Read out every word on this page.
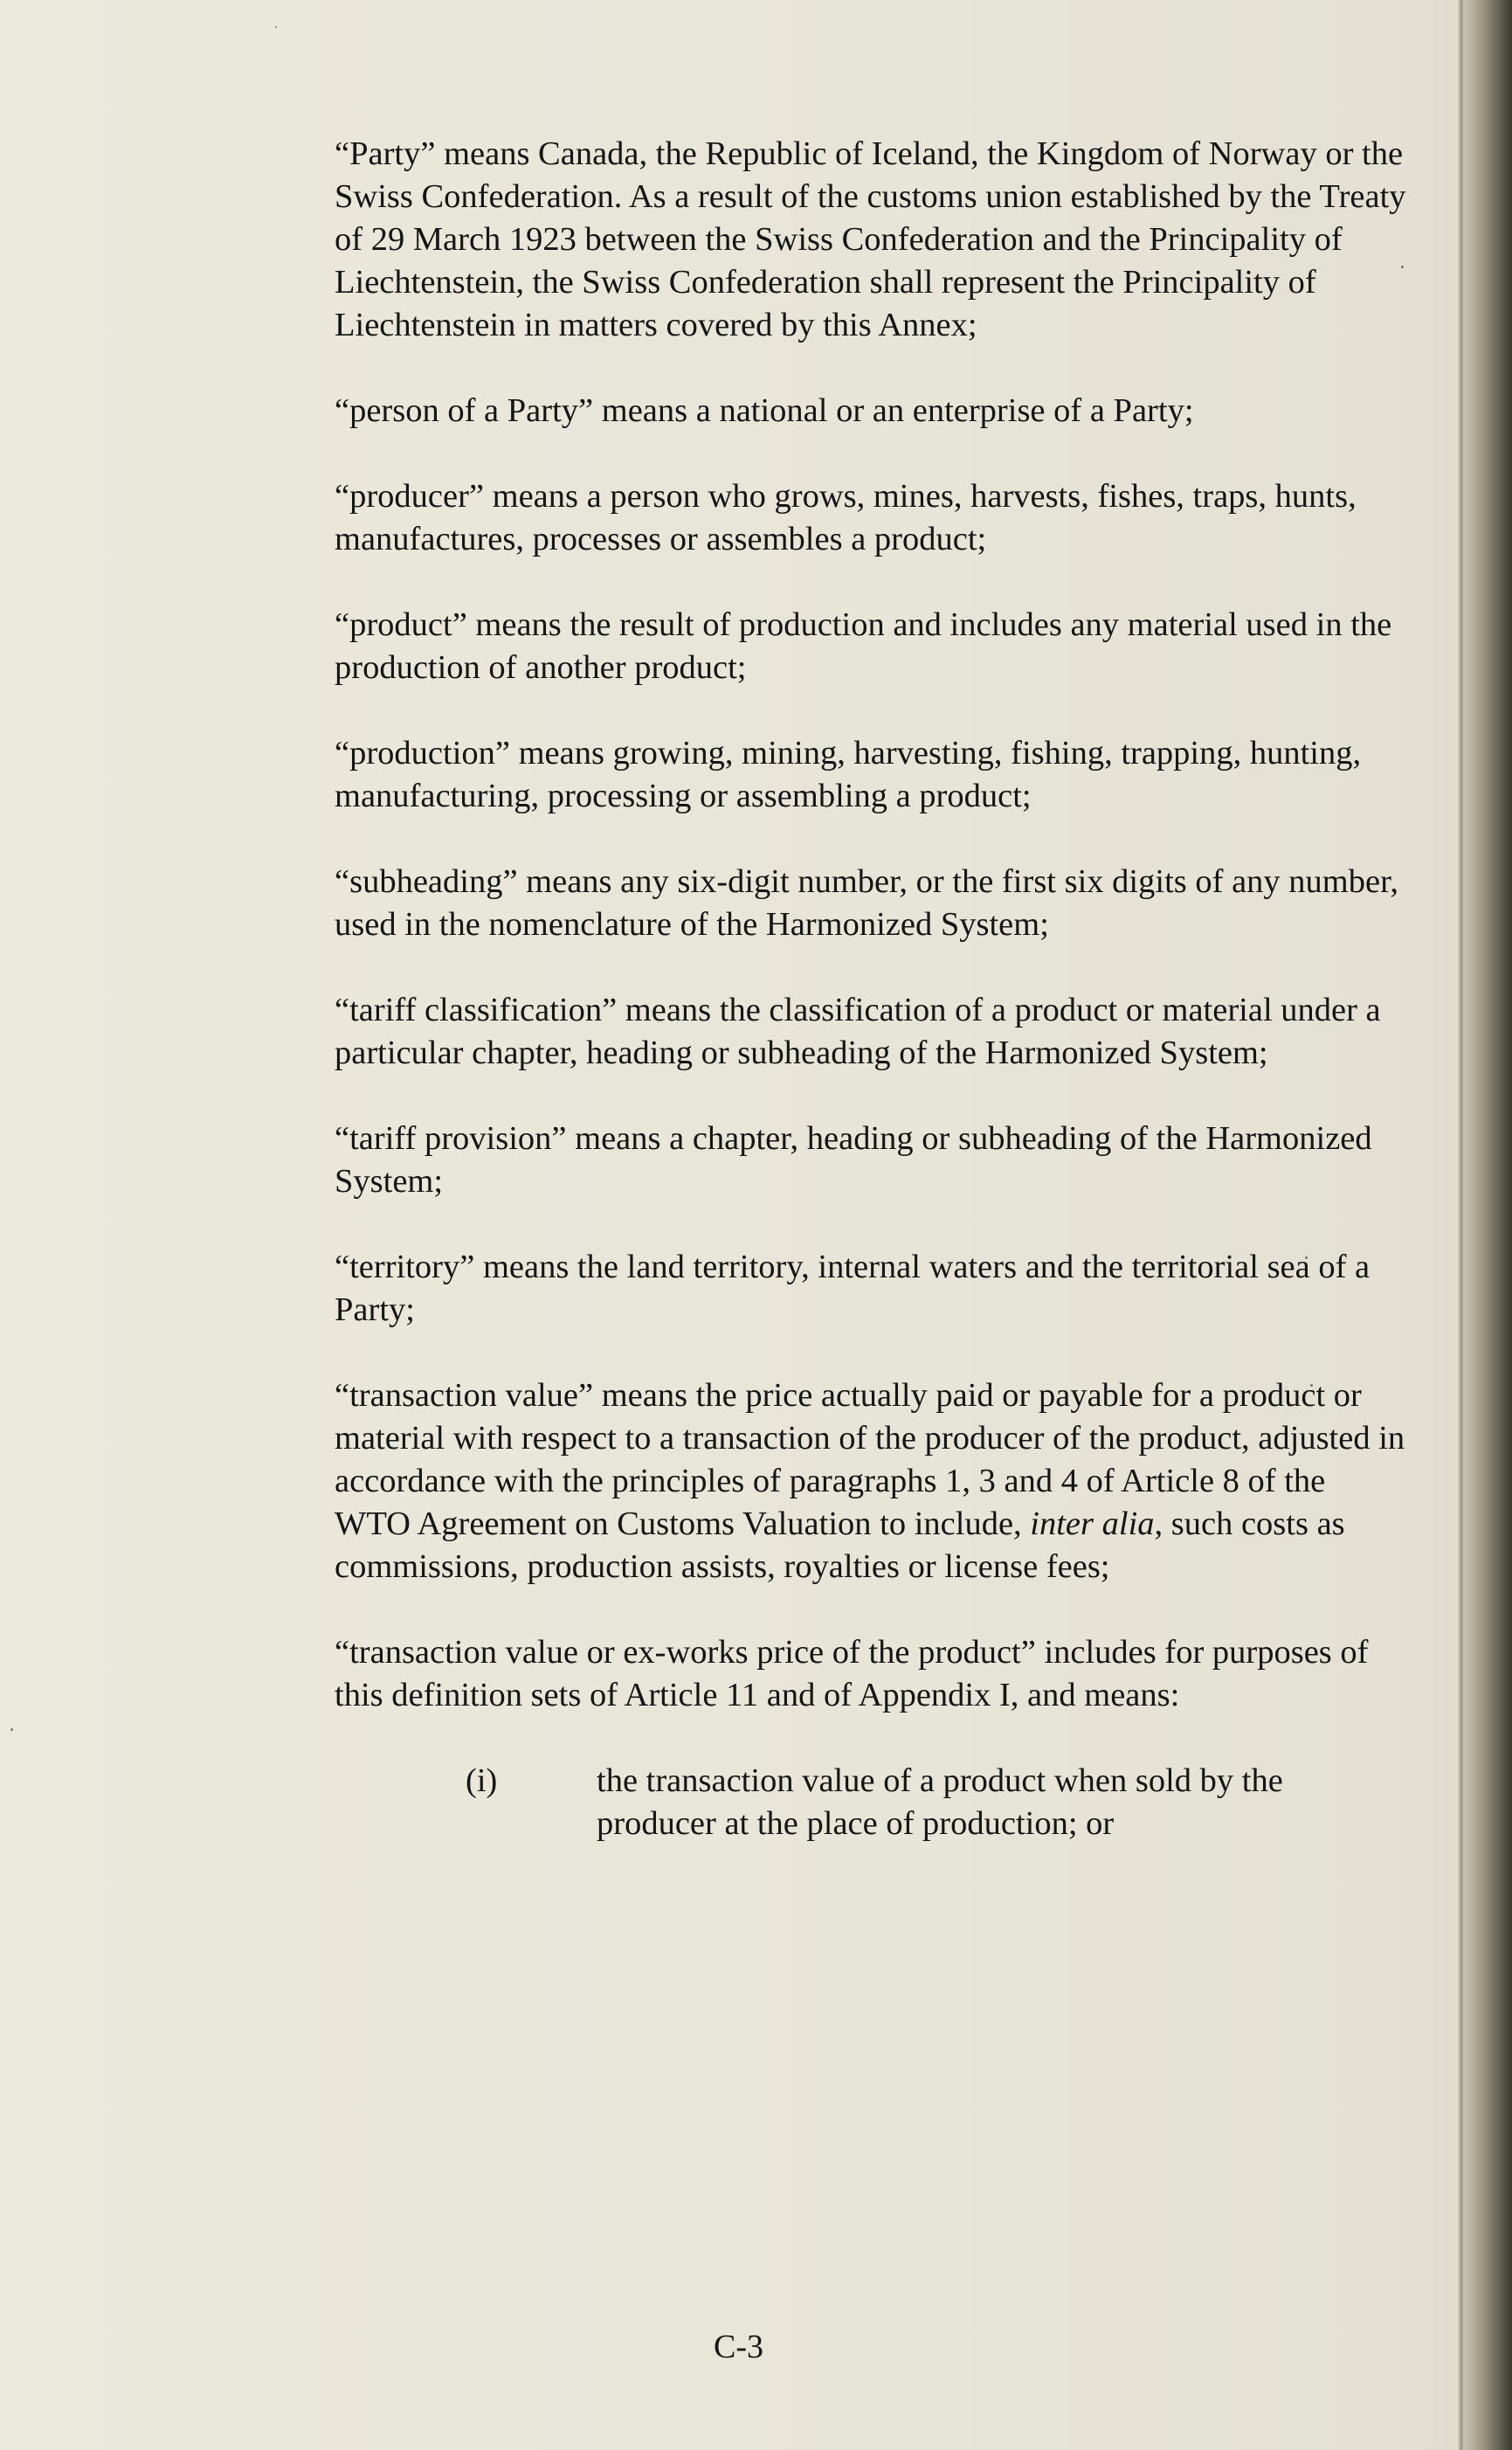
“Party” means Canada, the Republic of Iceland, the Kingdom of Norway or the Swiss Confederation. As a result of the customs union established by the Treaty of 29 March 1923 between the Swiss Confederation and the Principality of Liechtenstein, the Swiss Confederation shall represent the Principality of Liechtenstein in matters covered by this Annex;

“person of a Party” means a national or an enterprise of a Party;

“producer” means a person who grows, mines, harvests, fishes, traps, hunts, manufactures, processes or assembles a product;

“product” means the result of production and includes any material used in the production of another product;

“production” means growing, mining, harvesting, fishing, trapping, hunting, manufacturing, processing or assembling a product;

“subheading” means any six-digit number, or the first six digits of any number, used in the nomenclature of the Harmonized System;

“tariff classification” means the classification of a product or material under a particular chapter, heading or subheading of the Harmonized System;

“tariff provision” means a chapter, heading or subheading of the Harmonized System;

“territory” means the land territory, internal waters and the territorial sea of a Party;

“transaction value” means the price actually paid or payable for a product or material with respect to a transaction of the producer of the product, adjusted in accordance with the principles of paragraphs 1, 3 and 4 of Article 8 of the WTO Agreement on Customs Valuation to include, inter alia, such costs as commissions, production assists, royalties or license fees;

“transaction value or ex-works price of the product” includes for purposes of this definition sets of Article 11 and of Appendix I, and means:

(i)	the transaction value of a product when sold by the producer at the place of production; or
C-3
